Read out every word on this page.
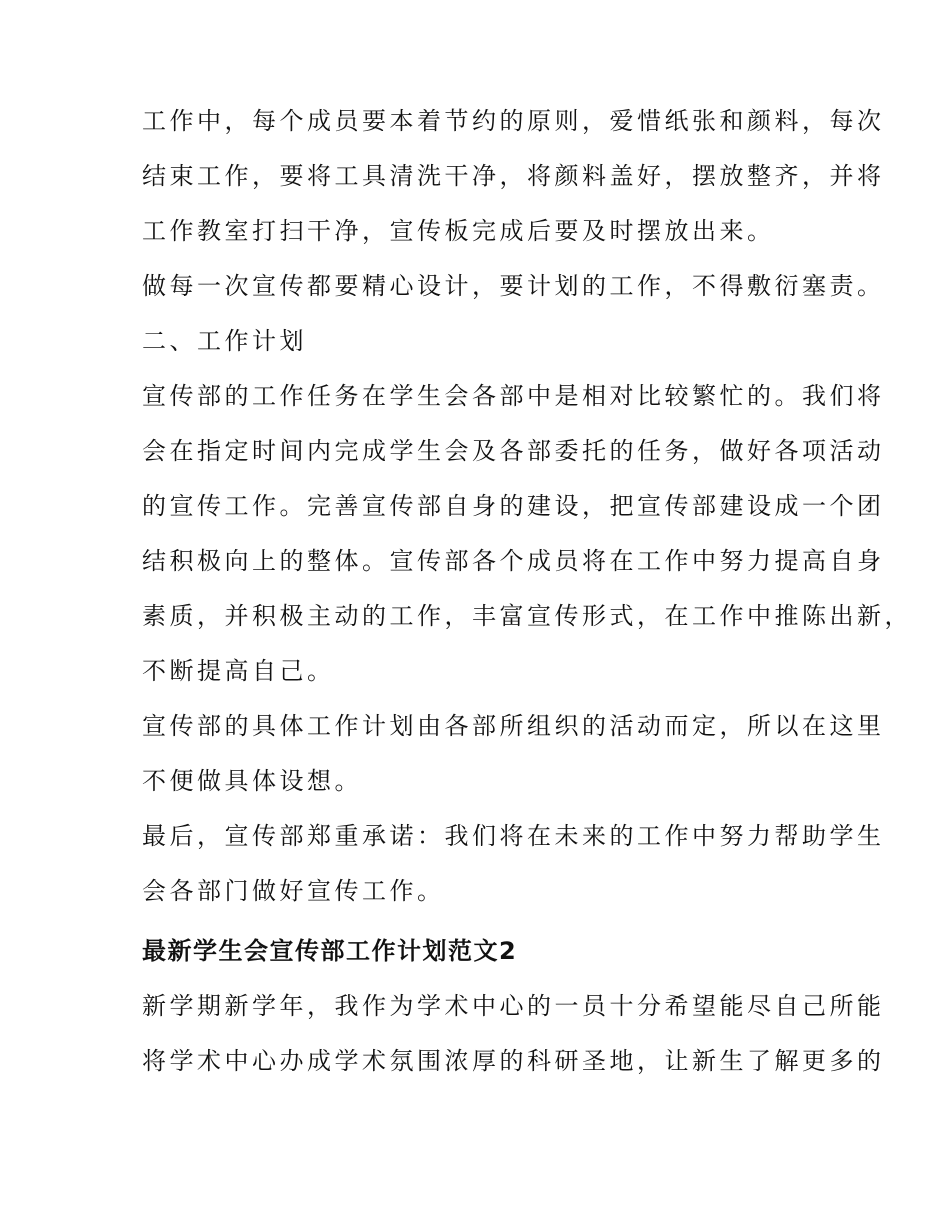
工作中，每个成员要本着节约的原则，爱惜纸张和颜料，每次
结束工作，要将工具清洗干净，将颜料盖好，摆放整齐，并将
工作教室打扫干净，宣传板完成后要及时摆放出来。
做每一次宣传都要精心设计，要计划的工作，不得敷衍塞责。
二、工作计划
宣传部的工作任务在学生会各部中是相对比较繁忙的。我们将
会在指定时间内完成学生会及各部委托的任务，做好各项活动
的宣传工作。完善宣传部自身的建设，把宣传部建设成一个团
结积极向上的整体。宣传部各个成员将在工作中努力提高自身
素质，并积极主动的工作，丰富宣传形式，在工作中推陈出新，
不断提高自己。
宣传部的具体工作计划由各部所组织的活动而定，所以在这里
不便做具体设想。
最后，宣传部郑重承诺：我们将在未来的工作中努力帮助学生
会各部门做好宣传工作。
最新学生会宣传部工作计划范文2
新学期新学年，我作为学术中心的一员十分希望能尽自己所能
将学术中心办成学术氛围浓厚的科研圣地，让新生了解更多的
